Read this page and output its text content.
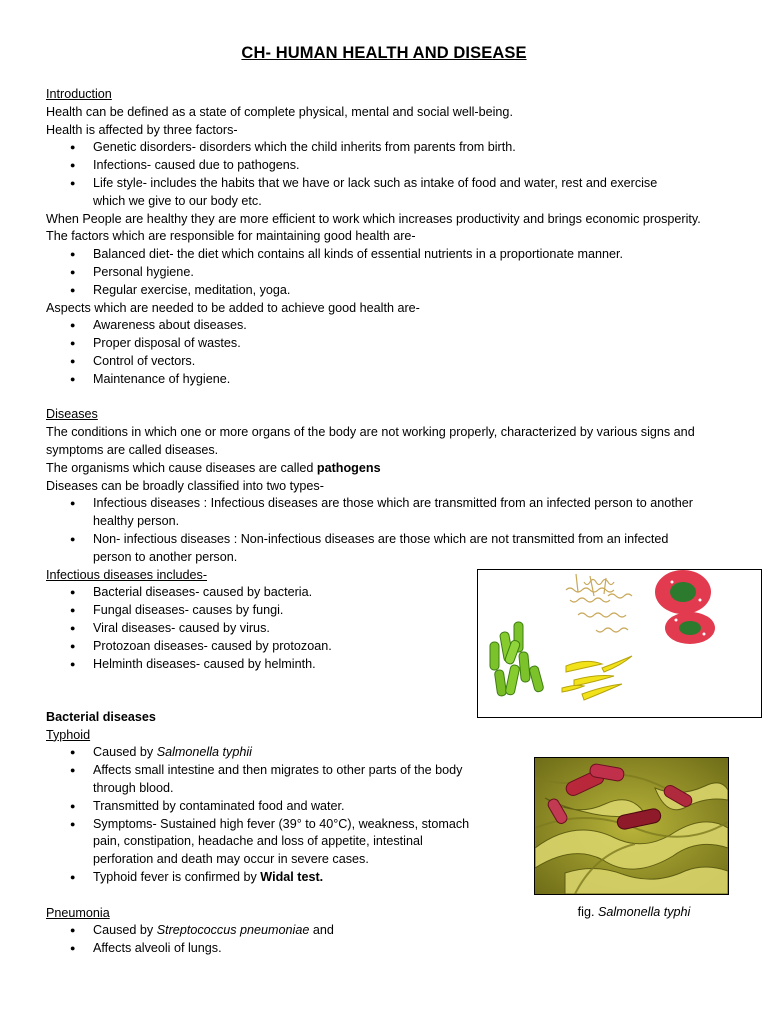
CH- HUMAN HEALTH AND DISEASE

Introduction

Health can be defined as a state of complete physical, mental and social well-being.

Health is affected by three factors-

● Genetic disorders- disorders which the child inherits from parents from birth.
● Infections- caused due to pathogens.
● Life style- includes the habits that we have or lack such as intake of food and water, rest and exercise which we give to our body etc.

When People are healthy they are more efficient to work which increases productivity and brings economic prosperity.

The factors which are responsible for maintaining good health are-

● Balanced diet- the diet which contains all kinds of essential nutrients in a proportionate manner.
● Personal hygiene.
● Regular exercise, meditation, yoga.

Aspects which are needed to be added to achieve good health are-

● Awareness about diseases.
● Proper disposal of wastes.
● Control of vectors.
● Maintenance of hygiene.

Diseases

The conditions in which one or more organs of the body are not working properly, characterized by various signs and symptoms are called diseases.

The organisms which cause diseases are called pathogens

Diseases can be broadly classified into two types-

● Infectious diseases : Infectious diseases are those which are transmitted from an infected person to another healthy person.
● Non- infectious diseases : Non-infectious diseases are those which are not transmitted from an infected person to another person.

Infectious diseases includes-

● Bacterial diseases- caused by bacteria.
● Fungal diseases- causes by fungi.
● Viral diseases- caused by virus.
● Protozoan diseases- caused by protozoan.
● Helminth diseases- caused by helminth.

Bacterial diseases

Typhoid

● Caused by Salmonella typhii
● Affects small intestine and then migrates to other parts of the body through blood.
● Transmitted by contaminated food and water.
● Symptoms- Sustained high fever (39° to 40°C), weakness, stomach pain, constipation, headache and loss of appetite, intestinal perforation and death may occur in severe cases.
● Typhoid fever is confirmed by Widal test.

Pneumonia

● Caused by Streptococcus pneumoniae and
● Affects alveoli of lungs.
fig. Salmonella typhi
